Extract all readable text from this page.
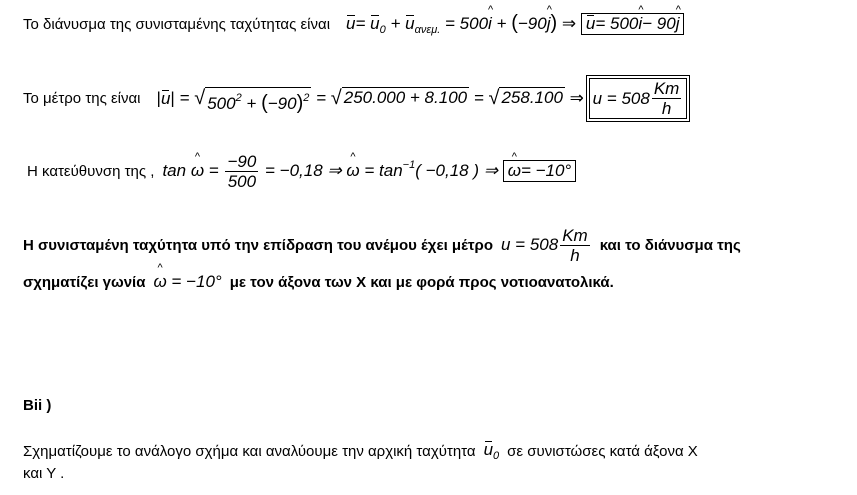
Το διάνυσμα της συνισταμένης ταχύτητας είναι $u= u_0 + u_{\alpha\nu\varepsilon\mu.}$ = 500^ i + (−90^ j) ⇒ u = 500 ^ i − 90 ^ j
Το μέτρο της είναι |u| = √ $500^2 + (-90)^2$ = √ 250.000 + 8.100 = √ 258.100 ⇒ $u = 508 \frac{Km}{h}$
Η κατεύθυνση της , tan ^ $\omega = \frac{-90}{500} = -0,18$ ⇒ ^ $\omega = \tan^{-1}( -0,18$ ) ⇒ ^ ω = −10°
Η συνισταμένη ταχύτητα υπό την επίδραση του ανέμου έχει μέτρο $u = 508 \frac{Km}{h}$ και το διάνυσμα της
σχηματίζει γωνία ^ ω = −10° με τον άξονα των Χ και με φορά προς νοτιοανατολικά.
Bii )
Σχηματίζουμε το ανάλογο σχήμα και αναλύουμε την αρχική ταχύτητα $u_0$ σε συνιστώσες κατά άξονα Χ
και Υ .
